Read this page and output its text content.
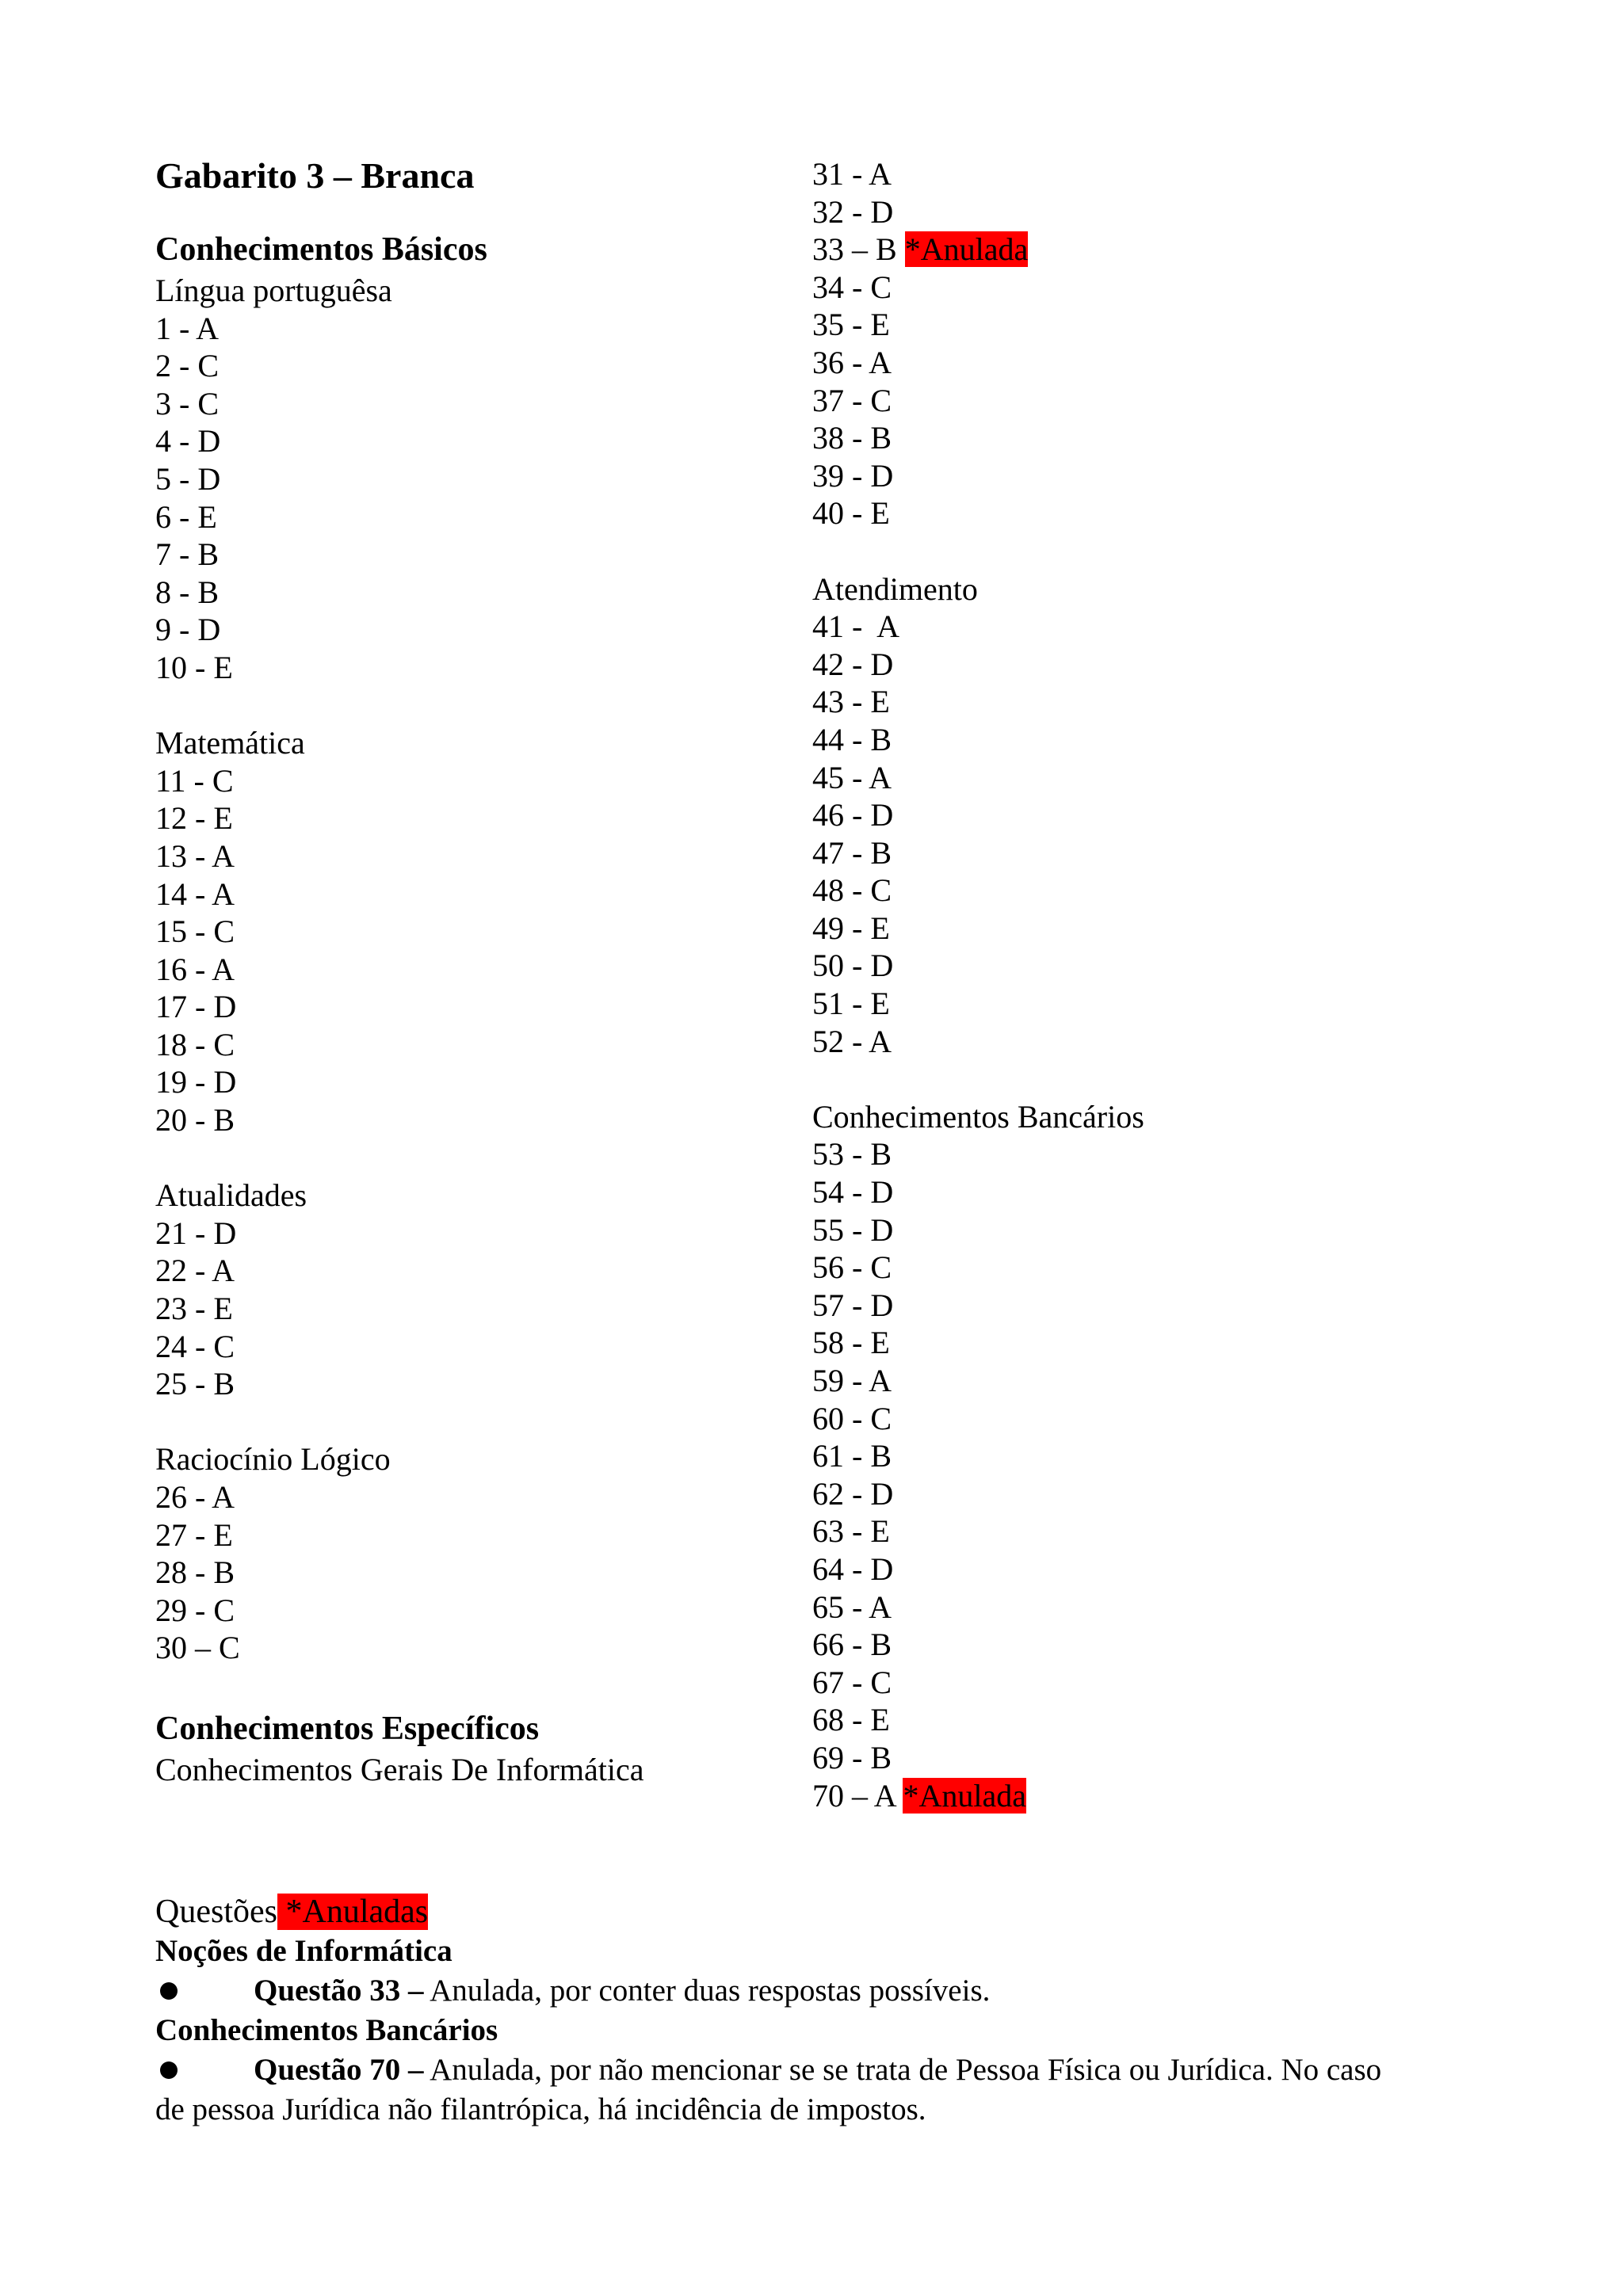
Gabarito 3 – Branca
Conhecimentos Básicos
Língua portuguêsa
1 - A
2 - C
3 - C
4 - D
5 - D
6 - E
7 - B
8 - B
9 - D
10 - E
Matemática
11 - C
12 - E
13 - A
14 - A
15 - C
16 - A
17 - D
18 - C
19 - D
20 - B
Atualidades
21 - D
22 - A
23 - E
24 - C
25 - B
Raciocínio Lógico
26 - A
27 - E
28 - B
29 - C
30 – C
Conhecimentos Específicos
Conhecimentos Gerais De Informática
31 - A
32 - D
33 – B *Anulada
34 - C
35 - E
36 - A
37 - C
38 - B
39 - D
40 - E
Atendimento
41 -  A
42 - D
43 - E
44 - B
45 - A
46 - D
47 - B
48 - C
49 - E
50 - D
51 - E
52 - A
Conhecimentos Bancários
53 - B
54 - D
55 - D
56 - C
57 - D
58 - E
59 - A
60 - C
61 - B
62 - D
63 - E
64 - D
65 - A
66 - B
67 - C
68 - E
69 - B
70 – A *Anulada
Questões *Anuladas
Noções de Informática
Questão 33 – Anulada, por conter duas respostas possíveis.
Conhecimentos Bancários
Questão 70 – Anulada, por não mencionar se se trata de Pessoa Física ou Jurídica. No caso
de pessoa Jurídica não filantrópica, há incidência de impostos.
